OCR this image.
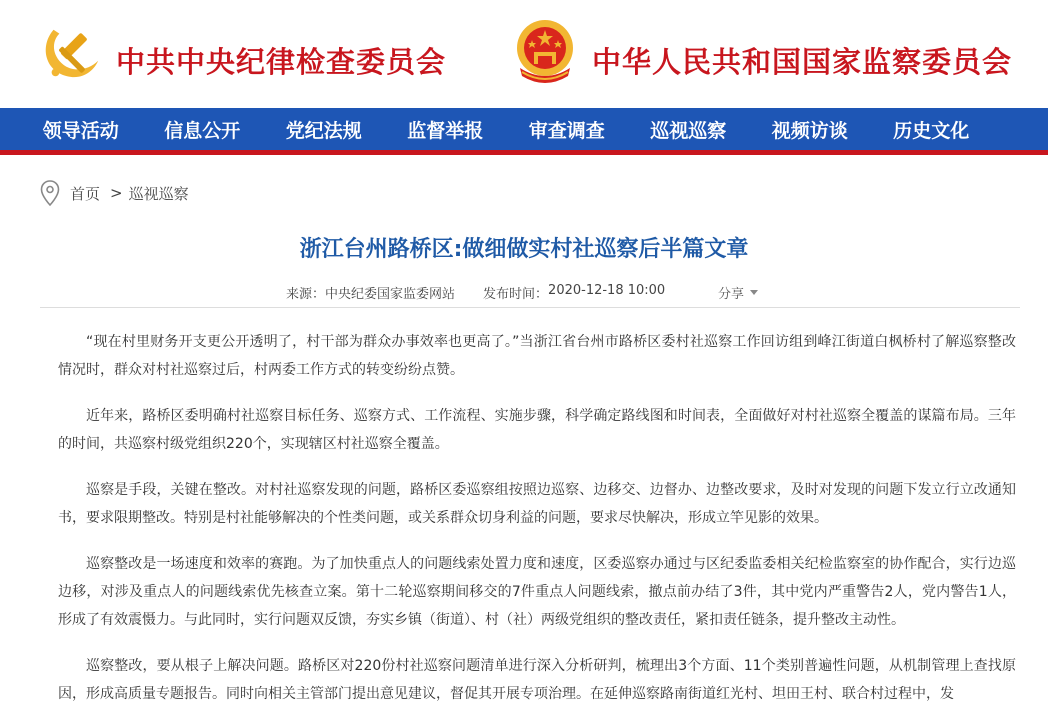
中共中央纪律检查委员会	中华人民共和国国家监察委员会
领导活动	信息公开	党纪法规	监督举报	审查调查	巡视巡察	视频访谈	历史文化
首页 > 巡视巡察
浙江台州路桥区:做细做实村社巡察后半篇文章
来源： 中央纪委国家监委网站 发布时间： 2020-12-18 10:00	分享

“现在村里财务开支更公开透明了，村干部为群众办事效率也更高了。”当浙江省台州市路桥区委村社巡察工作回访组到峰江街道白枫桥村了解巡察整改情况时，群众对村社巡察过后，村两委工作方式的转变纷纷点赞。

近年来，路桥区委明确村社巡察目标任务、巡察方式、工作流程、实施步骤，科学确定路线图和时间表，全面做好对村社巡察全覆盖的谋篇布局。三年的时间，共巡察村级党组织220个，实现辖区村社巡察全覆盖。

巡察是手段，关键在整改。对村社巡察发现的问题，路桥区委巡察组按照边巡察、边移交、边督办、边整改要求，及时对发现的问题下发立行立改通知书，要求限期整改。特别是村社能够解决的个性类问题，或关系群众切身利益的问题，要求尽快解决，形成立竿见影的效果。

巡察整改是一场速度和效率的赛跑。为了加快重点人的问题线索处置力度和速度，区委巡察办通过与区纪委监委相关纪检监察室的协作配合，实行边巡边移，对涉及重点人的问题线索优先核查立案。第十二轮巡察期间移交的7件重点人问题线索，撤点前办结了3件，其中党内严重警告2人，党内警告1人，形成了有效震慑力。与此同时，实行问题双反馈，夯实乡镇（街道）、村（社）两级党组织的整改责任，紧扣责任链条，提升整改主动性。

巡察整改，要从根子上解决问题。路桥区对220份村社巡察问题清单进行深入分析研判，梳理出3个方面、11个类别普遍性问题，从机制管理上查找原因，形成高质量专题报告。同时向相关主管部门提出意见建议，督促其开展专项治理。在延伸巡察路南街道红光村、坦田王村、联合村过程中，发
